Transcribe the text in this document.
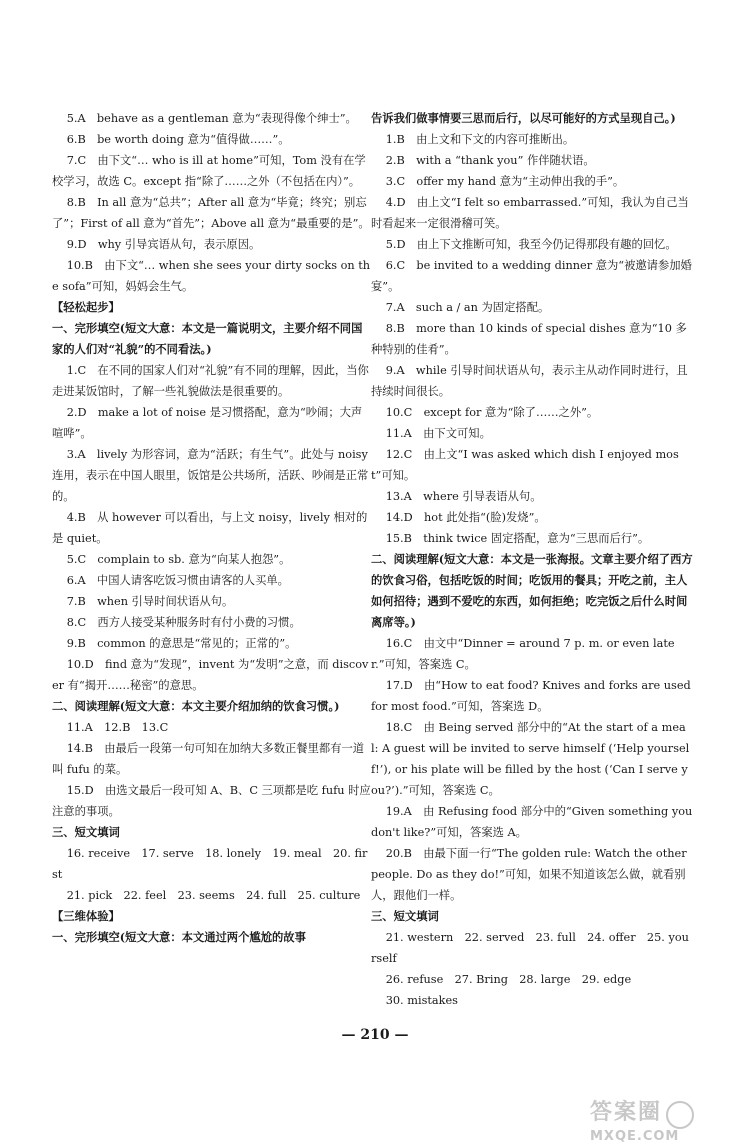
5.A　behave as a gentleman 意为“表现得像个绅士”。

6.B　be worth doing 意为“值得做……”。

7.C　由下文“… who is ill at home”可知，Tom 没有在学校学习，故选 C。except 指“除了……之外（不包括在内）”。

8.B　In all 意为“总共”；After all 意为“毕竟；终究；别忘了”；First of all 意为“首先”；Above all 意为“最重要的是”。

9.D　why 引导宾语从句，表示原因。

10.B　由下文“… when she sees your dirty socks on the sofa”可知，妈妈会生气。

【轻松起步】

一、完形填空(短文大意：本文是一篇说明文，主要介绍不同国家的人们对“礼貌”的不同看法。)

1.C　在不同的国家人们对“礼貌”有不同的理解，因此，当你走进某饭馆时，了解一些礼貌做法是很重要的。

2.D　make a lot of noise 是习惯搭配，意为“吵闹；大声喧哗”。

3.A　lively 为形容词，意为“活跃；有生气”。此处与 noisy 连用，表示在中国人眼里，饭馆是公共场所，活跃、吵闹是正常的。

4.B　从 however 可以看出，与上文 noisy，lively 相对的是 quiet。

5.C　complain to sb. 意为“向某人抱怨”。

6.A　中国人请客吃饭习惯由请客的人买单。

7.B　when 引导时间状语从句。

8.C　西方人接受某种服务时有付小费的习惯。

9.B　common 的意思是“常见的；正常的”。

10.D　find 意为“发现”，invent 为“发明”之意，而 discover 有“揭开……秘密”的意思。

二、阅读理解(短文大意：本文主要介绍加纳的饮食习惯。)

11.A　12.B　13.C

14.B　由最后一段第一句可知在加纳大多数正餐里都有一道叫 fufu 的菜。

15.D　由选文最后一段可知 A、B、C 三项都是吃 fufu 时应注意的事项。

三、短文填词

16. receive　17. serve　18. lonely　19. meal　20. first

21. pick　22. feel　23. seems　24. full　25. culture

【三维体验】

一、完形填空(短文大意：本文通过两个尴尬的故事

告诉我们做事情要三思而后行，以尽可能好的方式呈现自己。)

1.B　由上文和下文的内容可推断出。

2.B　with a “thank you” 作伴随状语。

3.C　offer my hand 意为“主动伸出我的手”。

4.D　由上文“I felt so embarrassed.”可知，我认为自己当时看起来一定很滑稽可笑。

5.D　由上下文推断可知，我至今仍记得那段有趣的回忆。

6.C　be invited to a wedding dinner 意为“被邀请参加婚宴”。

7.A　such a / an 为固定搭配。

8.B　more than 10 kinds of special dishes 意为“10 多种特别的佳肴”。

9.A　while 引导时间状语从句，表示主从动作同时进行，且持续时间很长。

10.C　except for 意为“除了……之外”。

11.A　由下文可知。

12.C　由上文“I was asked which dish I enjoyed most”可知。

13.A　where 引导表语从句。

14.D　hot 此处指“(脸)发烧”。

15.B　think twice 固定搭配，意为“三思而后行”。

二、阅读理解(短文大意：本文是一张海报。文章主要介绍了西方的饮食习俗，包括吃饭的时间；吃饭用的餐具；开吃之前，主人如何招待；遇到不爱吃的东西，如何拒绝；吃完饭之后什么时间离席等。)

16.C　由文中“Dinner = around 7 p. m. or even later.”可知，答案选 C。

17.D　由“How to eat food? Knives and forks are used for most food.”可知，答案选 D。

18.C　由 Being served 部分中的“At the start of a meal: A guest will be invited to serve himself (‘Help yourself!’), or his plate will be filled by the host (‘Can I serve you?’).”可知，答案选 C。

19.A　由 Refusing food 部分中的“Given something you don't like?”可知，答案选 A。

20.B　由最下面一行“The golden rule: Watch the other people. Do as they do!”可知，如果不知道该怎么做，就看别人，跟他们一样。

三、短文填词

21. western　22. served　23. full　24. offer　25. yourself

26. refuse　27. Bring　28. large　29. edge

30. mistakes

— 210 —
答案圈
MXQE.COM
